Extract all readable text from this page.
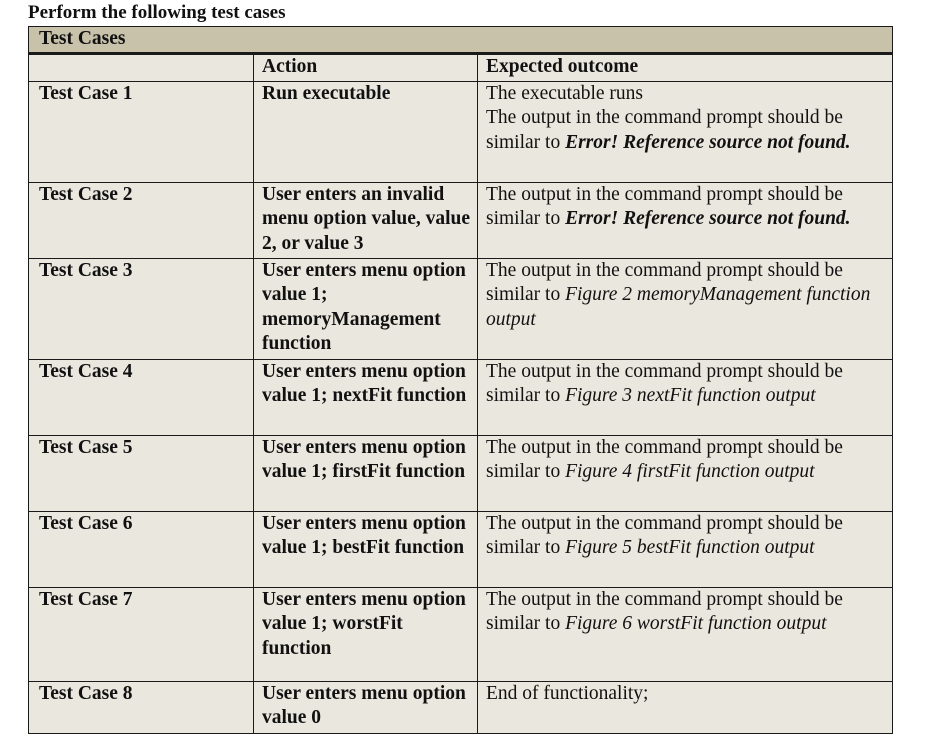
Perform the following test cases
Test Cases		
	Action	Expected outcome
Test Case 1	Run executable	The executable runs
The output in the command prompt should be similar to Error! Reference source not found.

Test Case 2	User enters an invalid menu option value, value 2, or value 3	The output in the command prompt should be similar to Error! Reference source not found.

Test Case 3	User enters menu option value 1; memoryManagement function	The output in the command prompt should be similar to Figure 2 memoryManagement function output

Test Case 4	User enters menu option value 1; nextFit function	The output in the command prompt should be similar to Figure 3 nextFit function output

Test Case 5	User enters menu option value 1; firstFit function	The output in the command prompt should be similar to Figure 4 firstFit function output

Test Case 6	User enters menu option value 1; bestFit function	The output in the command prompt should be similar to Figure 5 bestFit function output

Test Case 7	User enters menu option value 1; worstFit function	The output in the command prompt should be similar to Figure 6 worstFit function output

Test Case 8	User enters menu option value 0	End of functionality;
